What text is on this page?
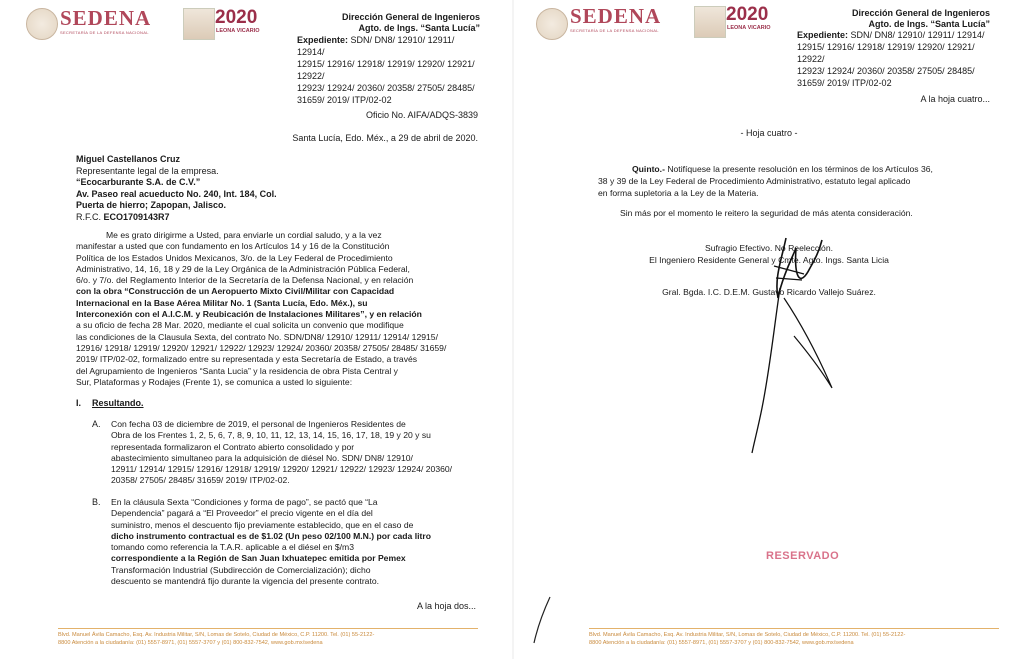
SEDENA
SECRETARÍA DE LA DEFENSA NACIONAL
2020
LEONA VICARIO
Dirección General de Ingenieros
Agto. de Ings. “Santa Lucía”
Expediente: SDN/ DN8/ 12910/ 12911/ 12914/
12915/ 12916/ 12918/ 12919/ 12920/ 12921/ 12922/
12923/ 12924/ 20360/ 20358/ 27505/ 28485/
31659/ 2019/ ITP/02-02
Oficio No. AIFA/ADQS-3839
Santa Lucía, Edo. Méx., a 29 de abril de 2020.
Miguel Castellanos Cruz
Representante legal de la empresa.
“Ecocarburante S.A. de C.V.”
Av. Paseo real acueducto No. 240, Int. 184, Col.
Puerta de hierro; Zapopan, Jalisco.
R.F.C. ECO1709143R7
Me es grato dirigirme a Usted, para enviarle un cordial saludo, y a la vez
manifestar a usted que con fundamento en los Artículos 14 y 16 de la Constitución
Política de los Estados Unidos Mexicanos, 3/o. de la Ley Federal de Procedimiento
Administrativo, 14, 16, 18 y 29 de la Ley Orgánica de la Administración Pública Federal,
6/o. y 7/o. del Reglamento Interior de la Secretaría de la Defensa Nacional, y en relación
con la obra “Construcción de un Aeropuerto Mixto Civil/Militar con Capacidad
Internacional en la Base Aérea Militar No. 1 (Santa Lucía, Edo. Méx.), su
Interconexión con el A.I.C.M. y Reubicación de Instalaciones Militares”, y en relación
a su oficio de fecha 28 Mar. 2020, mediante el cual solicita un convenio que modifique
las condiciones de la Clausula Sexta, del contrato No. SDN/DN8/ 12910/ 12911/ 12914/ 12915/
12916/ 12918/ 12919/ 12920/ 12921/ 12922/ 12923/ 12924/ 20360/ 20358/ 27505/ 28485/ 31659/
2019/ ITP/02-02, formalizado entre su representada y esta Secretaría de Estado, a través
del Agrupamiento de Ingenieros “Santa Lucia” y la residencia de obra Pista Central y
Sur, Plataformas y Rodajes (Frente 1), se comunica a usted lo siguiente:
I. Resultando.
A. Con fecha 03 de diciembre de 2019, el personal de Ingenieros Residentes de
Obra de los Frentes 1, 2, 5, 6, 7, 8, 9, 10, 11, 12, 13, 14, 15, 16, 17, 18, 19 y 20 y su
representada formalizaron el Contrato abierto consolidado y por
abastecimiento simultaneo para la adquisición de diésel No. SDN/ DN8/ 12910/
12911/ 12914/ 12915/ 12916/ 12918/ 12919/ 12920/ 12921/ 12922/ 12923/ 12924/ 20360/
20358/ 27505/ 28485/ 31659/ 2019/ ITP/02-02.
B. En la cláusula Sexta “Condiciones y forma de pago”, se pactó que “La
Dependencia” pagará a “El Proveedor” el precio vigente en el día del
suministro, menos el descuento fijo previamente establecido, que en el caso de
dicho instrumento contractual es de $1.02 (Un peso 02/100 M.N.) por cada litro
tomando como referencia la T.A.R. aplicable a el diésel en $/m3
correspondiente a la Región de San Juan Ixhuatepec emitida por Pemex
Transformación Industrial (Subdirección de Comercialización); dicho
descuento se mantendrá fijo durante la vigencia del presente contrato.
A la hoja dos...
Blvd. Manuel Ávila Camacho, Esq. Av. Industria Militar, S/N, Lomas de Sotelo, Ciudad de México, C.P. 11200. Tel. (01) 55-2122-
8800 Atención a la ciudadanía: (01) 5557-8971, (01) 5557-3707 y (01) 800-832-7542, www.gob.mx/sedena
SEDENA
SECRETARÍA DE LA DEFENSA NACIONAL
2020
LEONA VICARIO
Dirección General de Ingenieros
Agto. de Ings. “Santa Lucía”
Expediente: SDN/ DN8/ 12910/ 12911/ 12914/
12915/ 12916/ 12918/ 12919/ 12920/ 12921/ 12922/
12923/ 12924/ 20360/ 20358/ 27505/ 28485/
31659/ 2019/ ITP/02-02
A la hoja cuatro...
- Hoja cuatro -
Quinto.- Notifíquese la presente resolución en los términos de los Artículos 36,
38 y 39 de la Ley Federal de Procedimiento Administrativo, estatuto legal aplicado
en forma supletoria a la Ley de la Materia.
Sin más por el momento le reitero la seguridad de más atenta consideración.
Sufragio Efectivo. No Reelección.
El Ingeniero Residente General y Cmte. Agto. Ings. Santa Licia
Gral. Bgda. I.C. D.E.M. Gustavo Ricardo Vallejo Suárez.
RESERVADO
Blvd. Manuel Ávila Camacho, Esq. Av. Industria Militar, S/N, Lomas de Sotelo, Ciudad de México, C.P. 11200. Tel. (01) 55-2122-
8800 Atención a la ciudadanía: (01) 5557-8971, (01) 5557-3707 y (01) 800-832-7542, www.gob.mx/sedena
